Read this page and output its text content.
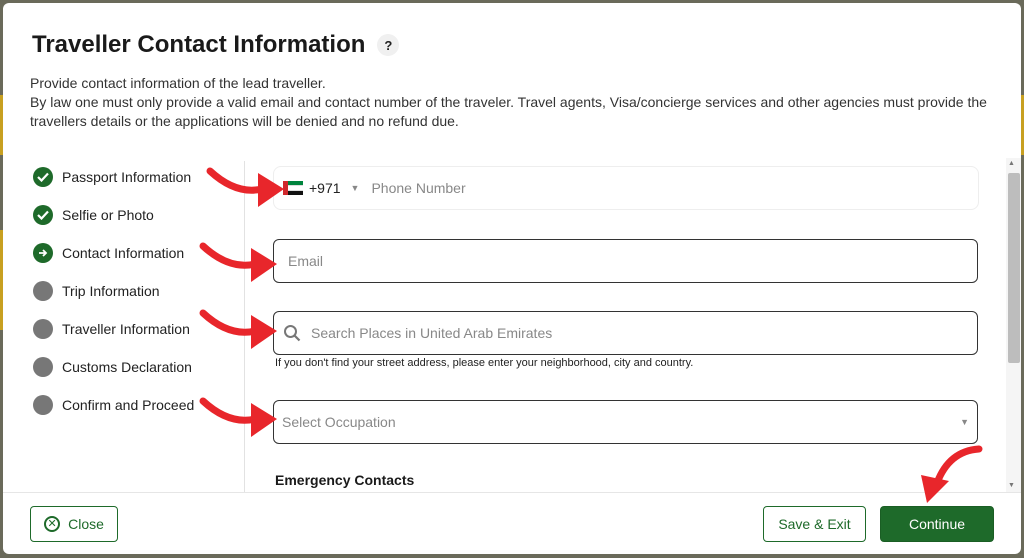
Traveller Contact Information	?

Provide contact information of the lead traveller.

By law one must only provide a valid email and contact number of the traveler. Travel agents, Visa/concierge services and other agencies must provide the travellers details or the applications will be denied and no refund due.

Passport Information
Selfie or Photo
Contact Information
Trip Information
Traveller Information
Customs Declaration
Confirm and Proceed
+971 ▼ Phone Number
Email
Search Places in United Arab Emirates
If you don't find your street address, please enter your neighborhood, city and country.
Select Occupation	▼
Emergency Contacts
▲
▼
✕ Close	Save & Exit	Continue
